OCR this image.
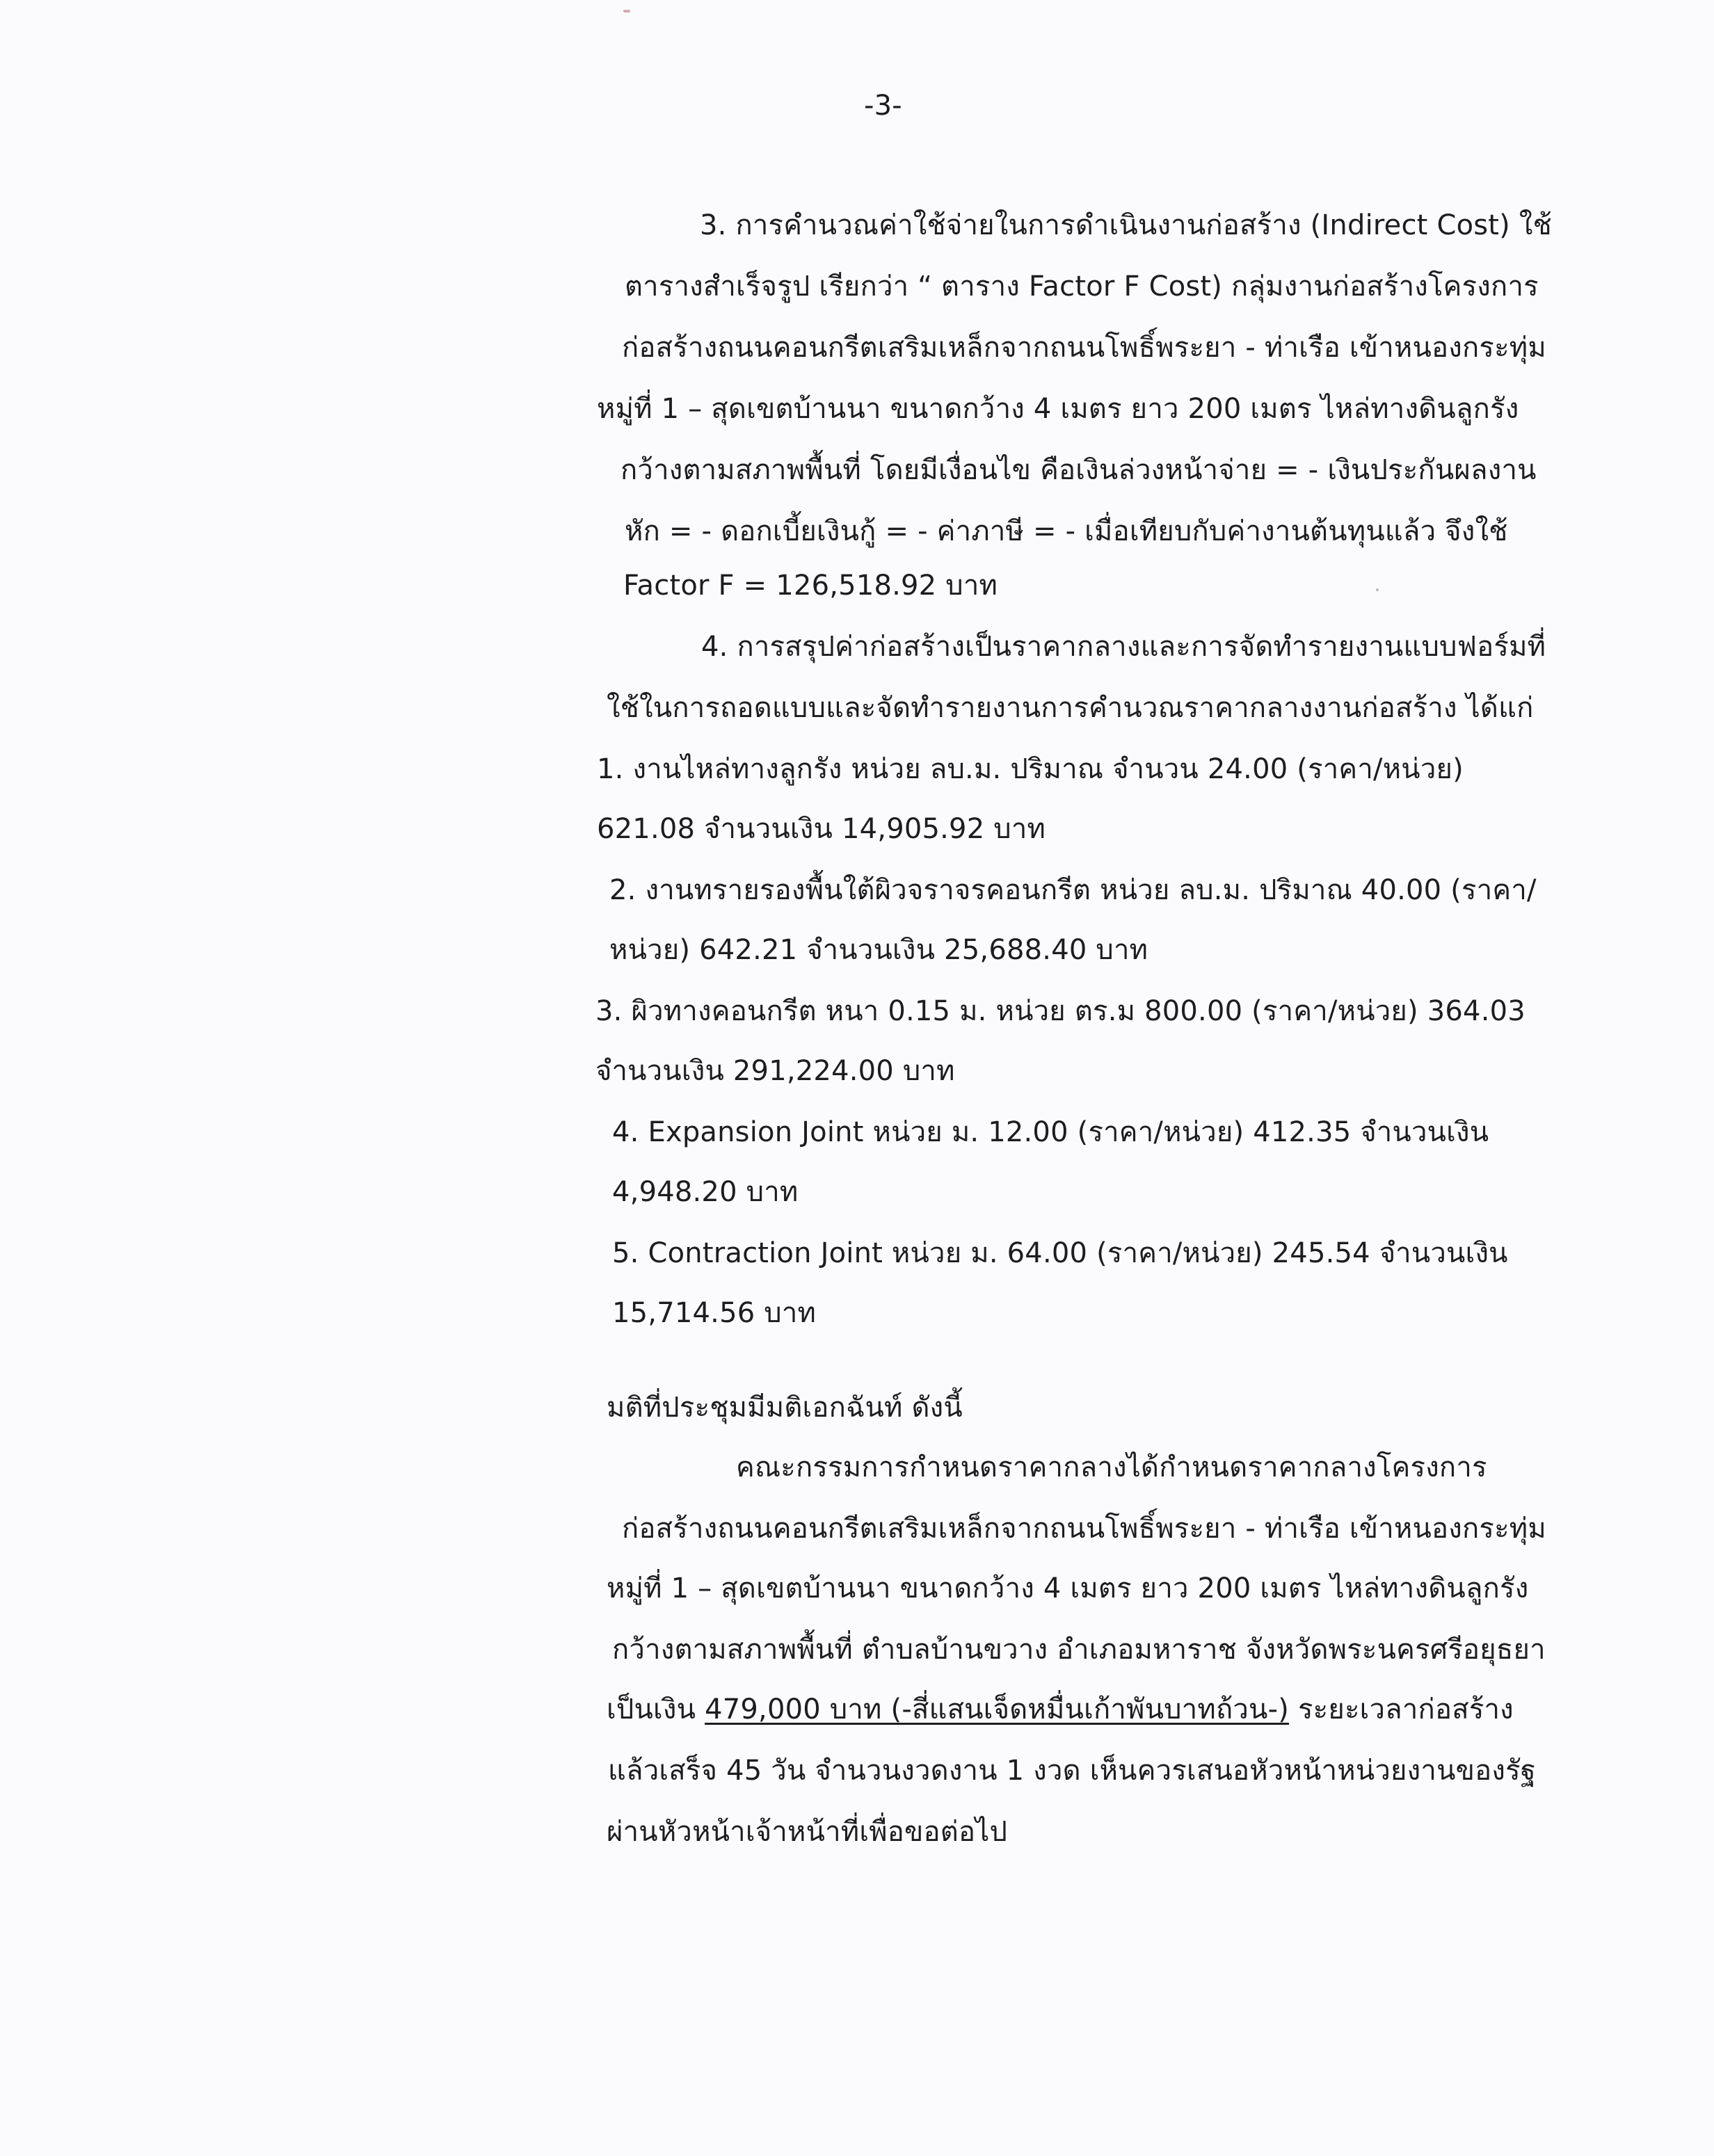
-3-
3. การคำนวณค่าใช้จ่ายในการดำเนินงานก่อสร้าง (Indirect Cost) ใช้
ตารางสำเร็จรูป เรียกว่า “ ตาราง Factor F Cost) กลุ่มงานก่อสร้างโครงการ
ก่อสร้างถนนคอนกรีตเสริมเหล็กจากถนนโพธิ์พระยา - ท่าเรือ เข้าหนองกระทุ่ม
หมู่ที่ 1 – สุดเขตบ้านนา ขนาดกว้าง 4 เมตร ยาว 200 เมตร ไหล่ทางดินลูกรัง
กว้างตามสภาพพื้นที่ โดยมีเงื่อนไข คือเงินล่วงหน้าจ่าย = - เงินประกันผลงาน
หัก = - ดอกเบี้ยเงินกู้ = - ค่าภาษี = - เมื่อเทียบกับค่างานต้นทุนแล้ว จึงใช้
Factor F = 126,518.92 บาท
4. การสรุปค่าก่อสร้างเป็นราคากลางและการจัดทำรายงานแบบฟอร์มที่
ใช้ในการถอดแบบและจัดทำรายงานการคำนวณราคากลางงานก่อสร้าง ได้แก่
1. งานไหล่ทางลูกรัง หน่วย ลบ.ม. ปริมาณ จำนวน 24.00 (ราคา/หน่วย)
621.08 จำนวนเงิน 14,905.92 บาท
2. งานทรายรองพื้นใต้ผิวจราจรคอนกรีต หน่วย ลบ.ม. ปริมาณ 40.00 (ราคา/
หน่วย) 642.21 จำนวนเงิน 25,688.40 บาท
3. ผิวทางคอนกรีต หนา 0.15 ม. หน่วย ตร.ม 800.00 (ราคา/หน่วย) 364.03
จำนวนเงิน 291,224.00 บาท
4. Expansion Joint หน่วย ม. 12.00 (ราคา/หน่วย) 412.35 จำนวนเงิน
4,948.20 บาท
5. Contraction Joint หน่วย ม. 64.00 (ราคา/หน่วย) 245.54 จำนวนเงิน
15,714.56 บาท
มติที่ประชุมมีมติเอกฉันท์ ดังนี้
คณะกรรมการกำหนดราคากลางได้กำหนดราคากลางโครงการ
ก่อสร้างถนนคอนกรีตเสริมเหล็กจากถนนโพธิ์พระยา - ท่าเรือ เข้าหนองกระทุ่ม
หมู่ที่ 1 – สุดเขตบ้านนา ขนาดกว้าง 4 เมตร ยาว 200 เมตร ไหล่ทางดินลูกรัง
กว้างตามสภาพพื้นที่ ตำบลบ้านขวาง อำเภอมหาราช จังหวัดพระนครศรีอยุธยา
เป็นเงิน 479,000 บาท (-สี่แสนเจ็ดหมื่นเก้าพันบาทถ้วน-) ระยะเวลาก่อสร้าง
แล้วเสร็จ 45 วัน จำนวนงวดงาน 1 งวด เห็นควรเสนอหัวหน้าหน่วยงานของรัฐ
ผ่านหัวหน้าเจ้าหน้าที่เพื่อขอต่อไป
